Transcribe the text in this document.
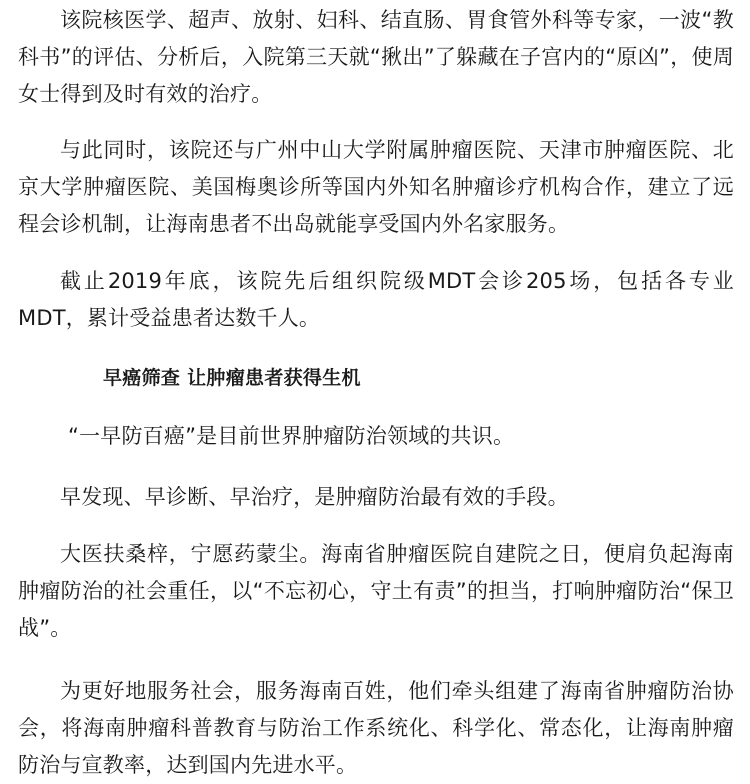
该院核医学、超声、放射、妇科、结直肠、胃食管外科等专家，一波“教科书”的评估、分析后，入院第三天就“揪出”了躲藏在子宫内的“原凶”，使周女士得到及时有效的治疗。

与此同时，该院还与广州中山大学附属肿瘤医院、天津市肿瘤医院、北京大学肿瘤医院、美国梅奥诊所等国内外知名肿瘤诊疗机构合作，建立了远程会诊机制，让海南患者不出岛就能享受国内外名家服务。

截止2019年底，该院先后组织院级MDT会诊205场，包括各专业MDT，累计受益患者达数千人。

早癌筛查 让肿瘤患者获得生机

“一早防百癌”是目前世界肿瘤防治领域的共识。

早发现、早诊断、早治疗，是肿瘤防治最有效的手段。

大医扶桑梓，宁愿药蒙尘。海南省肿瘤医院自建院之日，便肩负起海南肿瘤防治的社会重任，以“不忘初心，守土有责”的担当，打响肿瘤防治“保卫战”。

为更好地服务社会，服务海南百姓，他们牵头组建了海南省肿瘤防治协会，将海南肿瘤科普教育与防治工作系统化、科学化、常态化，让海南肿瘤防治与宣教率，达到国内先进水平。
